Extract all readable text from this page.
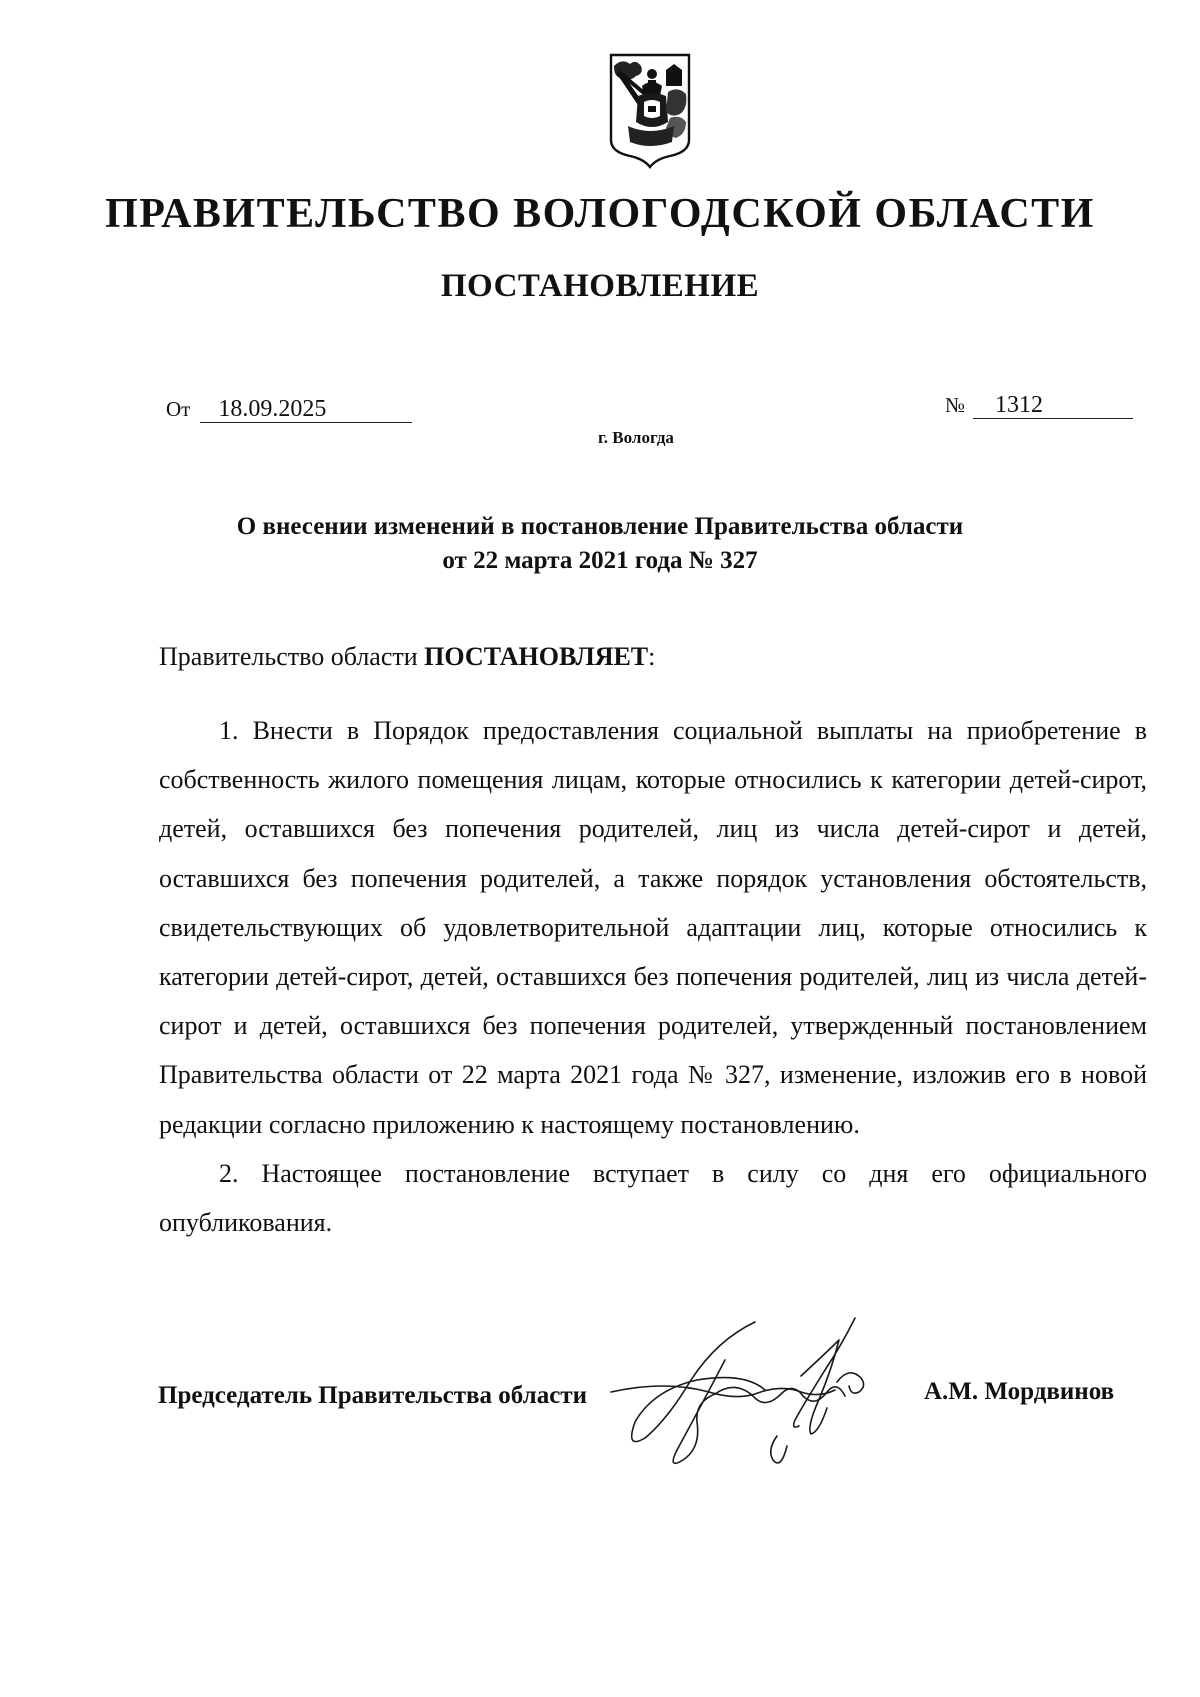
ПРАВИТЕЛЬСТВО ВОЛОГОДСКОЙ ОБЛАСТИ
ПОСТАНОВЛЕНИЕ
От 18.09.2025	№ 1312
г. Вологда
О внесении изменений в постановление Правительства области
от 22 марта 2021 года № 327
Правительство области ПОСТАНОВЛЯЕТ:

1. Внести в Порядок предоставления социальной выплаты на приобретение в собственность жилого помещения лицам, которые относились к категории детей-сирот, детей, оставшихся без попечения родителей, лиц из числа детей-сирот и детей, оставшихся без попечения родителей, а также порядок установления обстоятельств, свидетельствующих об удовлетворительной адаптации лиц, которые относились к категории детей-сирот, детей, оставшихся без попечения родителей, лиц из числа детей-сирот и детей, оставшихся без попечения родителей, утвержденный постановлением Правительства области от 22 марта 2021 года № 327, изменение, изложив его в новой редакции согласно приложению к настоящему постановлению.

2. Настоящее постановление вступает в силу со дня его официального опубликования.

Председатель Правительства области	А.М. Мордвинов
